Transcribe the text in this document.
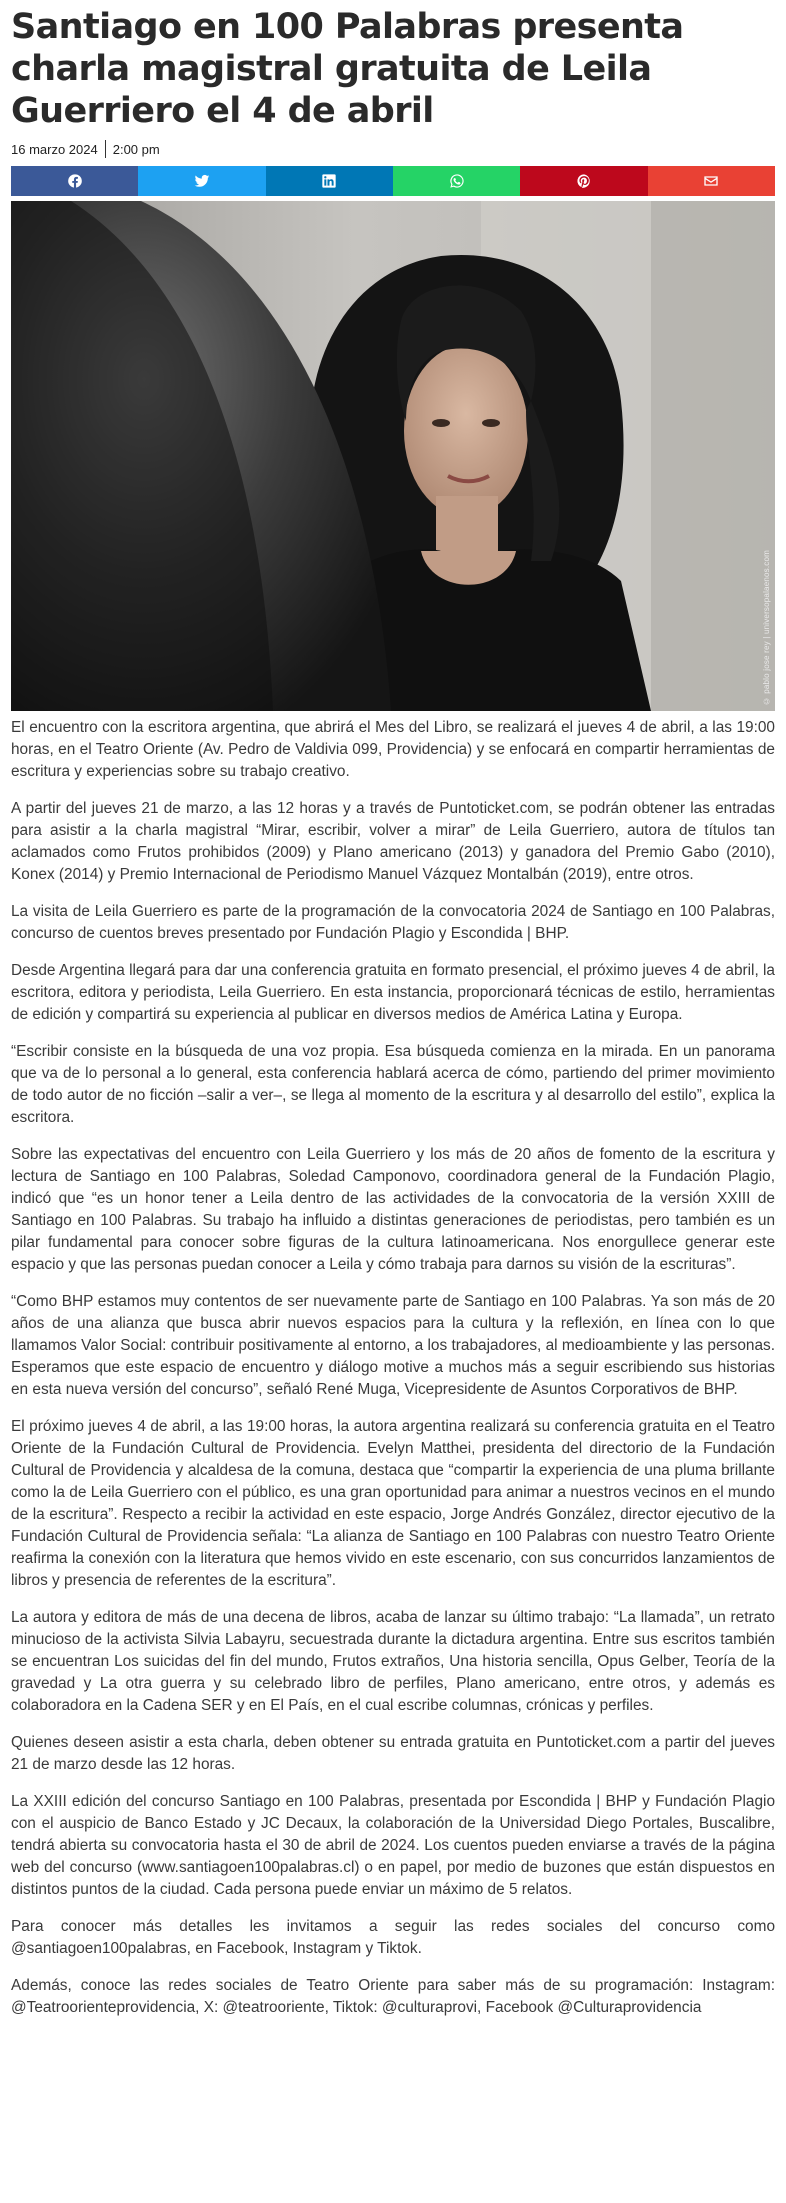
Santiago en 100 Palabras presenta charla magistral gratuita de Leila Guerriero el 4 de abril
16 marzo 2024 2:00 pm
© pablo jose rey | universopalaenos.com

El encuentro con la escritora argentina, que abrirá el Mes del Libro, se realizará el jueves 4 de abril, a las 19:00 horas, en el Teatro Oriente (Av. Pedro de Valdivia 099, Providencia) y se enfocará en compartir herramientas de escritura y experiencias sobre su trabajo creativo.

A partir del jueves 21 de marzo, a las 12 horas y a través de Puntoticket.com, se podrán obtener las entradas para asistir a la charla magistral “Mirar, escribir, volver a mirar” de Leila Guerriero, autora de títulos tan aclamados como Frutos prohibidos (2009) y Plano americano (2013) y ganadora del Premio Gabo (2010), Konex (2014) y Premio Internacional de Periodismo Manuel Vázquez Montalbán (2019), entre otros.

La visita de Leila Guerriero es parte de la programación de la convocatoria 2024 de Santiago en 100 Palabras, concurso de cuentos breves presentado por Fundación Plagio y Escondida | BHP.

Desde Argentina llegará para dar una conferencia gratuita en formato presencial, el próximo jueves 4 de abril, la escritora, editora y periodista, Leila Guerriero. En esta instancia, proporcionará técnicas de estilo, herramientas de edición y compartirá su experiencia al publicar en diversos medios de América Latina y Europa.

“Escribir consiste en la búsqueda de una voz propia. Esa búsqueda comienza en la mirada. En un panorama que va de lo personal a lo general, esta conferencia hablará acerca de cómo, partiendo del primer movimiento de todo autor de no ficción –salir a ver–, se llega al momento de la escritura y al desarrollo del estilo”, explica la escritora.

Sobre las expectativas del encuentro con Leila Guerriero y los más de 20 años de fomento de la escritura y lectura de Santiago en 100 Palabras, Soledad Camponovo, coordinadora general de la Fundación Plagio, indicó que “es un honor tener a Leila dentro de las actividades de la convocatoria de la versión XXIII de Santiago en 100 Palabras. Su trabajo ha influido a distintas generaciones de periodistas, pero también es un pilar fundamental para conocer sobre figuras de la cultura latinoamericana. Nos enorgullece generar este espacio y que las personas puedan conocer a Leila y cómo trabaja para darnos su visión de la escrituras”.

“Como BHP estamos muy contentos de ser nuevamente parte de Santiago en 100 Palabras. Ya son más de 20 años de una alianza que busca abrir nuevos espacios para la cultura y la reflexión, en línea con lo que llamamos Valor Social: contribuir positivamente al entorno, a los trabajadores, al medioambiente y las personas. Esperamos que este espacio de encuentro y diálogo motive a muchos más a seguir escribiendo sus historias en esta nueva versión del concurso”, señaló René Muga, Vicepresidente de Asuntos Corporativos de BHP.

El próximo jueves 4 de abril, a las 19:00 horas, la autora argentina realizará su conferencia gratuita en el Teatro Oriente de la Fundación Cultural de Providencia. Evelyn Matthei, presidenta del directorio de la Fundación Cultural de Providencia y alcaldesa de la comuna, destaca que “compartir la experiencia de una pluma brillante como la de Leila Guerriero con el público, es una gran oportunidad para animar a nuestros vecinos en el mundo de la escritura”. Respecto a recibir la actividad en este espacio, Jorge Andrés González, director ejecutivo de la Fundación Cultural de Providencia señala: “La alianza de Santiago en 100 Palabras con nuestro Teatro Oriente reafirma la conexión con la literatura que hemos vivido en este escenario, con sus concurridos lanzamientos de libros y presencia de referentes de la escritura”.

La autora y editora de más de una decena de libros, acaba de lanzar su último trabajo: “La llamada”, un retrato minucioso de la activista Silvia Labayru, secuestrada durante la dictadura argentina. Entre sus escritos también se encuentran Los suicidas del fin del mundo, Frutos extraños, Una historia sencilla, Opus Gelber, Teoría de la gravedad y La otra guerra y su celebrado libro de perfiles, Plano americano, entre otros, y además es colaboradora en la Cadena SER y en El País, en el cual escribe columnas, crónicas y perfiles.

Quienes deseen asistir a esta charla, deben obtener su entrada gratuita en Puntoticket.com a partir del jueves 21 de marzo desde las 12 horas.

La XXIII edición del concurso Santiago en 100 Palabras, presentada por Escondida | BHP y Fundación Plagio con el auspicio de Banco Estado y JC Decaux, la colaboración de la Universidad Diego Portales, Buscalibre, tendrá abierta su convocatoria hasta el 30 de abril de 2024. Los cuentos pueden enviarse a través de la página web del concurso (www.santiagoen100palabras.cl) o en papel, por medio de buzones que están dispuestos en distintos puntos de la ciudad. Cada persona puede enviar un máximo de 5 relatos.

Para conocer más detalles les invitamos a seguir las redes sociales del concurso como @santiagoen100palabras, en Facebook, Instagram y Tiktok.

Además, conoce las redes sociales de Teatro Oriente para saber más de su programación: Instagram: @Teatroorienteprovidencia, X: @teatrooriente, Tiktok: @culturaprovi, Facebook @Culturaprovidencia
